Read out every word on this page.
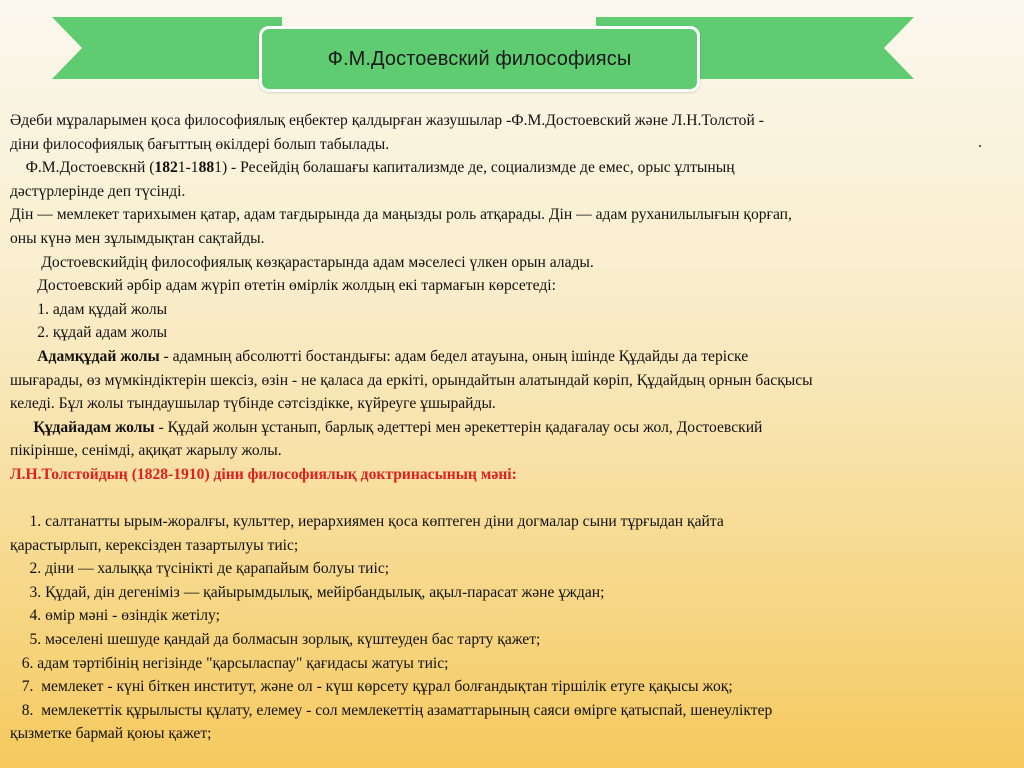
Ф.М.Достоевский философиясы
.

Әдеби мұраларымен қоса философиялық еңбектер қалдырған жазушылар -Ф.М.Достоевский және Л.Н.Толстой -

діни философиялық бағыттың өкілдері болып табылады.

Ф.М.Достоевскнй (1821-1881) - Ресейдің болашағы капитализмде де, социализмде де емес, орыс ұлтының

дәстүрлерінде деп түсінді.

Дін — мемлекет тарихымен қатар, адам тағдырында да маңызды роль атқарады. Дін — адам руханилылығын қорғап,

оны күнә мен зұлымдықтан сақтайды.

Достоевскийдің философиялық көзқарастарында адам мәселесі үлкен орын алады.

Достоевский әрбір адам жүріп өтетін өмірлік жолдың екі тармағын көрсетеді:

1. адам құдай жолы

2. құдай адам жолы

Адамқұдай жолы - адамның абсолютті бостандығы: адам бедел атауына, оның ішінде Құдайды да теріске

шығарады, өз мүмкіндіктерін шексіз, өзін - не қаласа да еркіті, орындайтын алатындай көріп, Құдайдың орнын басқысы

келеді. Бұл жолы тындаушылар түбінде сәтсіздікке, күйреуге ұшырайды.

Құдайадам жолы - Құдай жолын ұстанып, барлық әдеттері мен әрекеттерін қадағалау осы жол, Достоевский

пікірінше, сенімді, ақиқат жарылу жолы.

Л.Н.Толстойдың (1828-1910) діни философиялық доктринасының мәні:

1. салтанатты ырым-жоралғы, культтер, иерархиямен қоса көптеген діни догмалар сыни тұрғыдан қайта

қарастырлып, керексізден тазартылуы тиіс;

2. діни — халыққа түсінікті де қарапайым болуы тиіс;

3. Құдай, дін дегеніміз — қайырымдылық, мейірбандылық, ақыл-парасат және ұждан;

4. өмір мәні - өзіндік жетілу;

5. мәселені шешуде қандай да болмасын зорлық, күштеуден бас тарту қажет;

6. адам тәртібінің негізінде "қарсыласпау" қағидасы жатуы тиіс;

7.  мемлекет - күні біткен институт, және ол - күш көрсету құрал болғандықтан тіршілік етуге қақысы жоқ;

8.  мемлекеттік құрылысты құлату, елемеу - сол мемлекеттің азаматтарының саяси өмірге қатыспай, шенеуліктер

қызметке бармай қоюы қажет;
